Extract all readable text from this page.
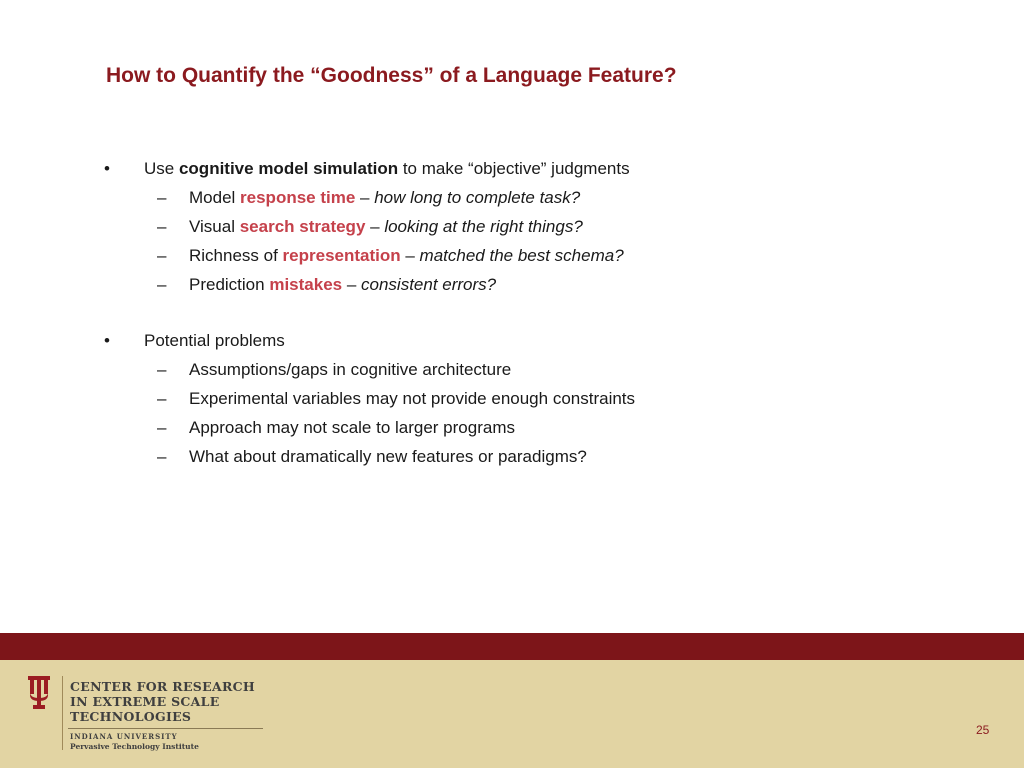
How to Quantify the “Goodness” of a Language Feature?
• Use cognitive model simulation to make “objective” judgments
– Model response time – how long to complete task?
– Visual search strategy – looking at the right things?
– Richness of representation – matched the best schema?
– Prediction mistakes – consistent errors?
• Potential problems
– Assumptions/gaps in cognitive architecture
– Experimental variables may not provide enough constraints
– Approach may not scale to larger programs
– What about dramatically new features or paradigms?
CENTER FOR RESEARCH
IN EXTREME SCALE
TECHNOLOGIES
INDIANA UNIVERSITY
Pervasive Technology Institute
25
